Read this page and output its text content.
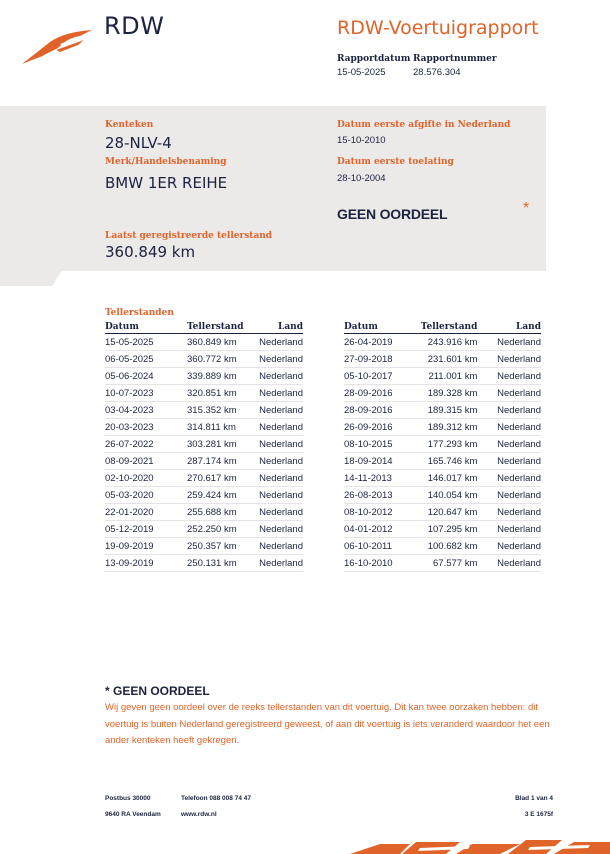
RDW	RDW-Voertuigrapport
Rapportdatum
15-05-2025
Rapportnummer
28.576.304
Kenteken
28-NLV-4
Merk/Handelsbenaming
BMW 1ER REIHE
Datum eerste afgifte in Nederland
15-10-2010
Datum eerste toelating
28-10-2004
GEEN OORDEEL	*
Laatst geregistreerde tellerstand
360.849 km
Tellerstanden
Datum	Tellerstand	Land
15-05-2025	360.849 km	Nederland
06-05-2025	360.772 km	Nederland
05-06-2024	339.889 km	Nederland
10-07-2023	320.851 km	Nederland
03-04-2023	315.352 km	Nederland
20-03-2023	314.811 km	Nederland
26-07-2022	303.281 km	Nederland
08-09-2021	287.174 km	Nederland
02-10-2020	270.617 km	Nederland
05-03-2020	259.424 km	Nederland
22-01-2020	255.688 km	Nederland
05-12-2019	252.250 km	Nederland
19-09-2019	250.357 km	Nederland
13-09-2019	250.131 km	Nederland
Datum	Tellerstand	Land
26-04-2019	243.916 km	Nederland
27-09-2018	231.601 km	Nederland
05-10-2017	211.001 km	Nederland
28-09-2016	189.328 km	Nederland
28-09-2016	189.315 km	Nederland
26-09-2016	189.312 km	Nederland
08-10-2015	177.293 km	Nederland
18-09-2014	165.746 km	Nederland
14-11-2013	146.017 km	Nederland
26-08-2013	140.054 km	Nederland
08-10-2012	120.647 km	Nederland
04-01-2012	107.295 km	Nederland
06-10-2011	100.682 km	Nederland
16-10-2010	67.577 km	Nederland
* GEEN OORDEEL
Wij geven geen oordeel over de reeks tellerstanden van dit voertuig. Dit kan twee oorzaken hebben: dit voertuig is buiten Nederland geregistreerd geweest, of aan dit voertuig is iets veranderd waardoor het een ander kenteken heeft gekregen.
Postbus 30000
9640 RA Veendam
Telefoon 088 008 74 47
www.rdw.nl
Blad 1 van 4
3 E 1675f
